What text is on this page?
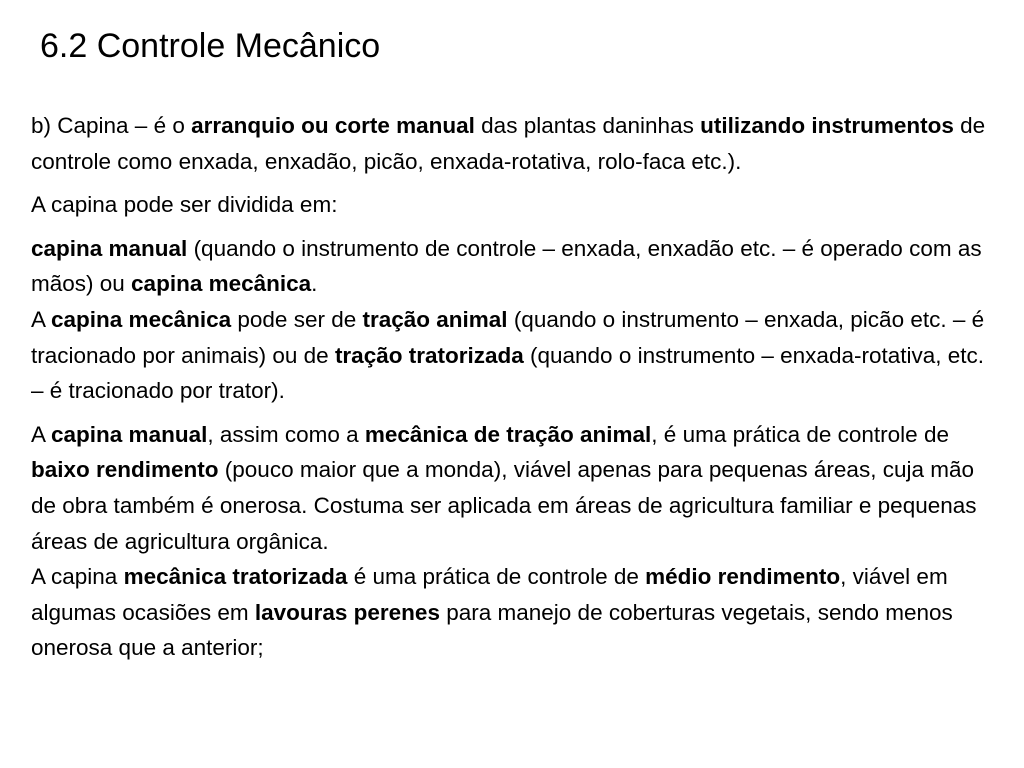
6.2 Controle Mecânico

b) Capina – é o arranquio ou corte manual das plantas daninhas utilizando instrumentos de controle como enxada, enxadão, picão, enxada-rotativa, rolo-faca etc.).

A capina pode ser dividida em:

capina manual (quando o instrumento de controle – enxada, enxadão etc. – é operado com as mãos) ou capina mecânica.
A capina mecânica pode ser de tração animal (quando o instrumento – enxada, picão etc. – é tracionado por animais) ou de tração tratorizada (quando o instrumento – enxada-rotativa, etc. – é tracionado por trator).

A capina manual, assim como a mecânica de tração animal, é uma prática de controle de baixo rendimento (pouco maior que a monda), viável apenas para pequenas áreas, cuja mão de obra também é onerosa. Costuma ser aplicada em áreas de agricultura familiar e pequenas áreas de agricultura orgânica.
A capina mecânica tratorizada é uma prática de controle de médio rendimento, viável em algumas ocasiões em lavouras perenes para manejo de coberturas vegetais, sendo menos onerosa que a anterior;
